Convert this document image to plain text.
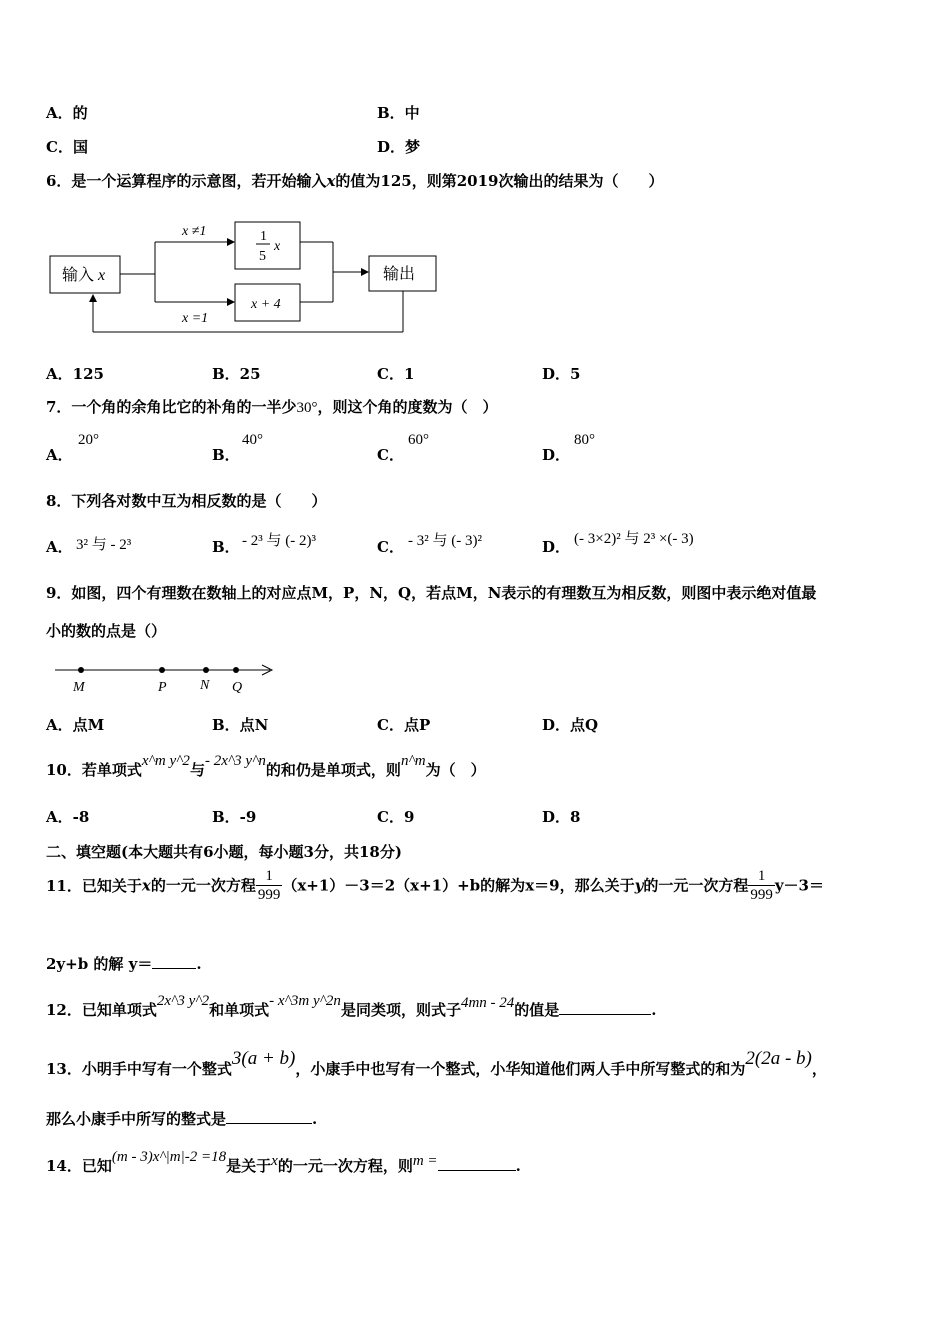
A．的	B．中
C．国	D．梦
6．是一个运算程序的示意图，若开始输入x的值为125，则第2019次输出的结果为（　　）
输入 x
x ≠1
x =1
1
5
x
x + 4
输出
A．125	B．25	C．1	D．5
7．一个角的余角比它的补角的一半少30°，则这个角的度数为（　）
A．
20°
B．
40°
C．
60°
D．
80°
8．下列各对数中互为相反数的是（　　）
A． 3² 与 - 2³	B． - 2³ 与 (- 2)³	C． - 3² 与 (- 3)²	D． (- 3×2)² 与 2³ ×(- 3)
9．如图，四个有理数在数轴上的对应点M，P，N，Q，若点M，N表示的有理数互为相反数，则图中表示绝对值最
小的数的点是（）
M	P N Q
A．点M	B．点N	C．点P	D．点Q
10．若单项式x^m y^2与- 2x^3 y^n的和仍是单项式，则n^m为（　）
A．-8	B．-9	C．9	D．8
二、填空题(本大题共有6小题，每小题3分，共18分)
11．已知关于x的一元一次方程 $\frac{1}{999} (x+1)-3=2(x+1)+b$的解为x＝9，那么关于y的一元一次方程 $\frac{1}{999} y-3=$
2y+b 的解 y＝	.
12．已知单项式2x^3 y^2和单项式- x^3m y^2n是同类项，则式子4mn - 24的值是	.
13．小明手中写有一个整式3(a + b)，小康手中也写有一个整式，小华知道他们两人手中所写整式的和为2(2a - b)，
那么小康手中所写的整式是	.
14．已知(m - 3)x^|m|-2 =18是关于x的一元一次方程，则m =	.
